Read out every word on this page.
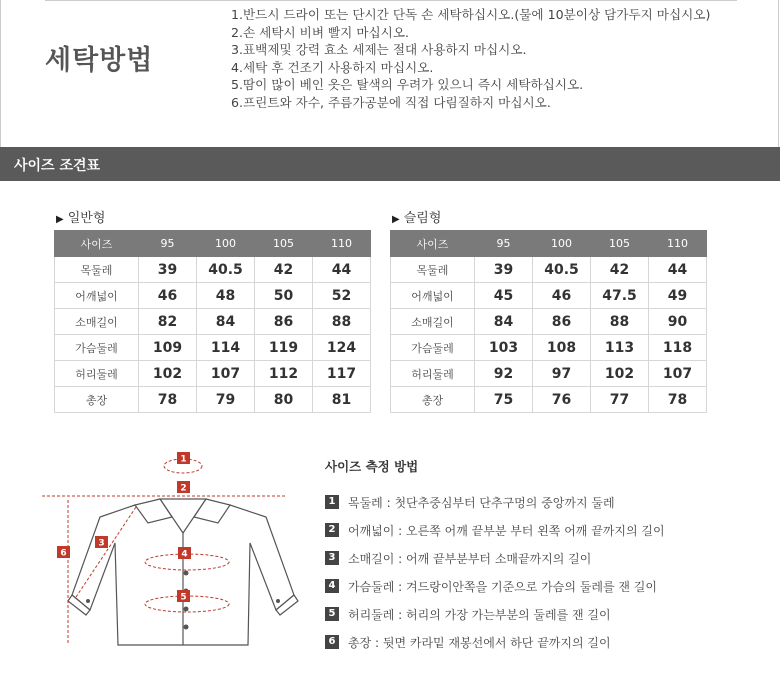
세탁방법
1.반드시 드라이 또는 단시간 단독 손 세탁하십시오.(물에 10분이상 담가두지 마십시오)
2.손 세탁시 비벼 빨지 마십시오.
3.표백제및 강력 효소 세제는 절대 사용하지 마십시오.
4.세탁 후 건조기 사용하지 마십시오.
5.땀이 많이 베인 옷은 탈색의 우려가 있으니 즉시 세탁하십시오.
6.프린트와 자수, 주름가공분에 직접 다림질하지 마십시오.
사이즈 조견표
▶ 일반형
사이즈	95	100	105	110
목둘레	39	40.5	42	44
어깨넓이	46	48	50	52
소매길이	82	84	86	88
가슴둘레	109	114	119	124
허리둘레	102	107	112	117
총장	78	79	80	81
▶ 슬림형
사이즈	95	100	105	110
목둘레	39	40.5	42	44
어깨넓이	45	46	47.5	49
소매길이	84	86	88	90
가슴둘레	103	108	113	118
허리둘레	92	97	102	107
총장	75	76	77	78
1
2
3
4
5
6
사이즈 측정 방법
1 목둘레 : 첫단추중심부터 단추구멍의 중앙까지 둘레
2 어깨넓이 : 오른쪽 어깨 끝부분 부터 왼쪽 어깨 끝까지의 길이
3 소매길이 : 어깨 끝부분부터 소매끝까지의 길이
4 가슴둘레 : 겨드랑이안쪽을 기준으로 가슴의 둘레를 잰 길이
5 허리둘레 : 허리의 가장 가는부분의 둘레를 잰 길이
6 총장 : 뒷면 카라밑 재봉선에서 하단 끝까지의 길이
